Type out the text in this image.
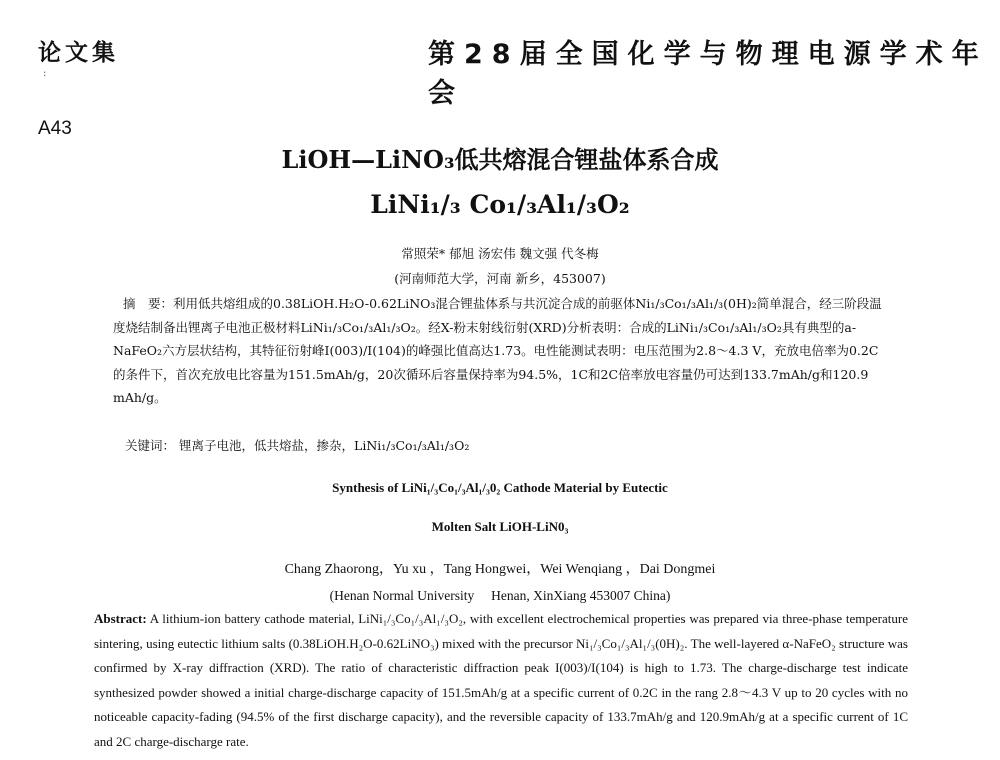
论文集
:
第28届全国化学与物理电源学术年会
A43
LiOH—LiNO₃低共熔混合锂盐体系合成
LiNi₁/₃ Co₁/₃Al₁/₃O₂
常照荣* 郁旭 汤宏伟 魏文强 代冬梅
(河南师范大学，河南 新乡，453007)

摘　要：利用低共熔组成的0.38LiOH.H₂O-0.62LiNO₃混合锂盐体系与共沉淀合成的前驱体Ni₁/₃Co₁/₃Al₁/₃(0H)₂简单混合，经三阶段温度烧结制备出锂离子电池正极材料LiNi₁/₃Co₁/₃Al₁/₃O₂。经X-粉末射线衍射(XRD)分析表明：合成的LiNi₁/₃Co₁/₃Al₁/₃O₂具有典型的a-NaFeO₂六方层状结构，其特征衍射峰I(003)/I(104)的峰强比值高达1.73。电性能测试表明：电压范围为2.8～4.3 V，充放电倍率为0.2C的条件下，首次充放电比容量为151.5mAh/g，20次循环后容量保持率为94.5%，1C和2C倍率放电容量仍可达到133.7mAh/g和120.9 mAh/g。

关键词： 锂离子电池，低共熔盐，掺杂，LiNi₁/₃Co₁/₃Al₁/₃O₂
Synthesis of LiNi₁/₃Co₁/₃Al₁/₃0₂ Cathode Material by Eutectic
Molten Salt LiOH-LiN0₃
Chang Zhaorong，Yu xu ，Tang Hongwei，Wei Wenqiang ，Dai Dongmei
(Henan Normal University　 Henan, XinXiang 453007 China)

Abstract: A lithium-ion battery cathode material, LiNi₁/₃Co₁/₃Al₁/₃O₂, with excellent electrochemical properties was prepared via three-phase temperature sintering, using eutectic lithium salts (0.38LiOH.H₂O-0.62LiNO₃) mixed with the precursor Ni₁/₃Co₁/₃Al₁/₃(0H)₂. The well-layered α-NaFeO₂ structure was confirmed by X-ray diffraction (XRD). The ratio of characteristic diffraction peak I(003)/I(104) is high to 1.73. The charge-discharge test indicate synthesized powder showed a initial charge-discharge capacity of 151.5mAh/g at a specific current of 0.2C in the rang 2.8～4.3 V up to 20 cycles with no noticeable capacity-fading (94.5% of the first discharge capacity), and the reversible capacity of 133.7mAh/g and 120.9mAh/g at a specific current of 1C and 2C charge-discharge rate.
